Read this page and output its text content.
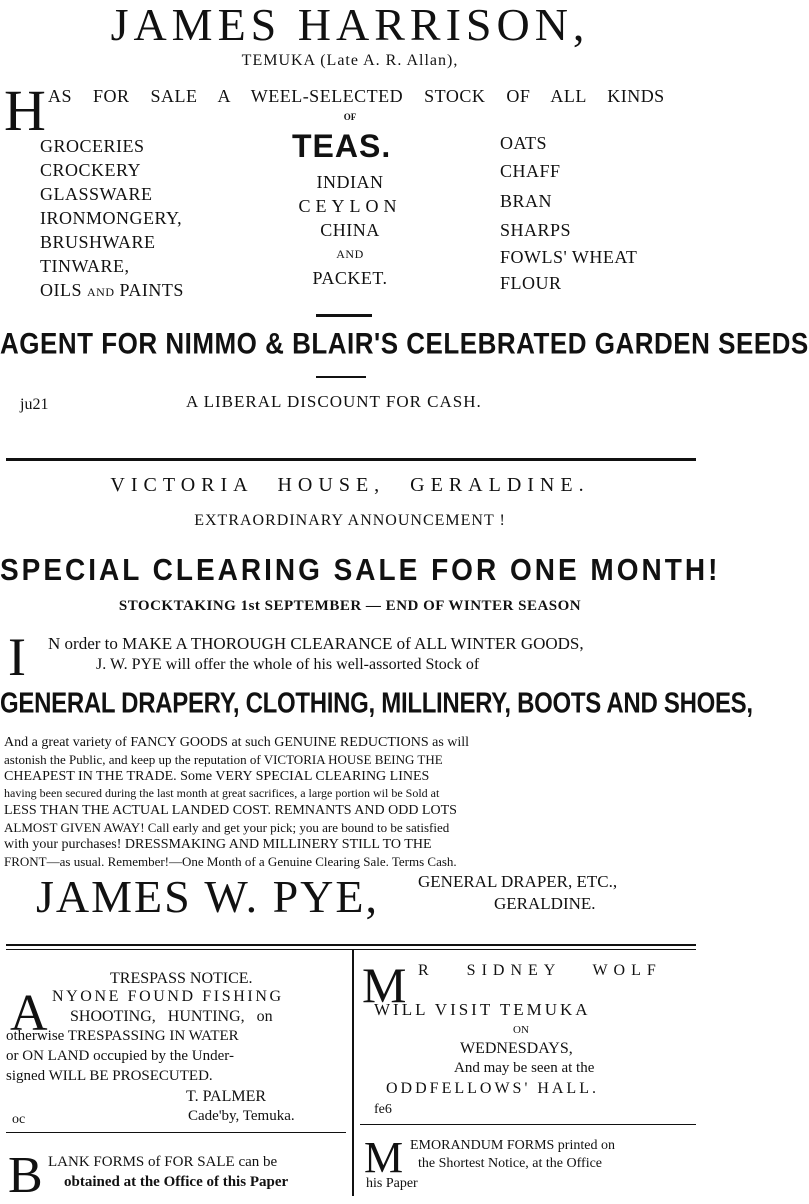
JAMES HARRISON,
TEMUKA (Late A. R. Allan),
H AS FOR SALE A WEEL-SELECTED STOCK OF ALL KINDS
OF
GROCERIES
CROCKERY
GLASSWARE
IRONMONGERY,
BRUSHWARE
TINWARE,
OILS AND PAINTS
TEAS.
INDIAN
CEYLON
CHINA
AND
PACKET.
OATS
CHAFF
BRAN
SHARPS
FOWLS' WHEAT
FLOUR
AGENT FOR NIMMO & BLAIR'S CELEBRATED GARDEN SEEDS
ju21	A LIBERAL DISCOUNT FOR CASH.
VICTORIA HOUSE, GERALDINE.
EXTRAORDINARY ANNOUNCEMENT !
SPECIAL CLEARING SALE FOR ONE MONTH!
STOCKTAKING 1st SEPTEMBER — END OF WINTER SEASON
I N order to MAKE A THOROUGH CLEARANCE of ALL WINTER GOODS,
J. W. PYE will offer the whole of his well-assorted Stock of
GENERAL DRAPERY, CLOTHING, MILLINERY, BOOTS AND SHOES,
And a great variety of FANCY GOODS at such GENUINE REDUCTIONS as will
astonish the Public, and keep up the reputation of VICTORIA HOUSE BEING THE
CHEAPEST IN THE TRADE. Some VERY SPECIAL CLEARING LINES
having been secured during the last month at great sacrifices, a large portion wil be Sold at
LESS THAN THE ACTUAL LANDED COST. REMNANTS AND ODD LOTS
ALMOST GIVEN AWAY! Call early and get your pick; you are bound to be satisfied
with your purchases! DRESSMAKING AND MILLINERY STILL TO THE
FRONT—as usual. Remember!—One Month of a Genuine Clearing Sale. Terms Cash.
JAMES W. PYE, GENERAL DRAPER, ETC.,
GERALDINE.
TRESPASS NOTICE.
A NYONE FOUND FISHING
SHOOTING, HUNTING, on
otherwise TRESPASSING IN WATER
or ON LAND occupied by the Under-
signed WILL BE PROSECUTED.
T. PALMER
oc	Cade'by, Temuka.
B LANK FORMS of FOR SALE can be
obtained at the Office of this Paper
M R SIDNEY WOLF
WILL VISIT TEMUKA
ON
WEDNESDAYS,
And may be seen at the
ODDFELLOWS' HALL.
fe6
M EMORANDUM FORMS printed on
the Shortest Notice, at the Office
his Paper
